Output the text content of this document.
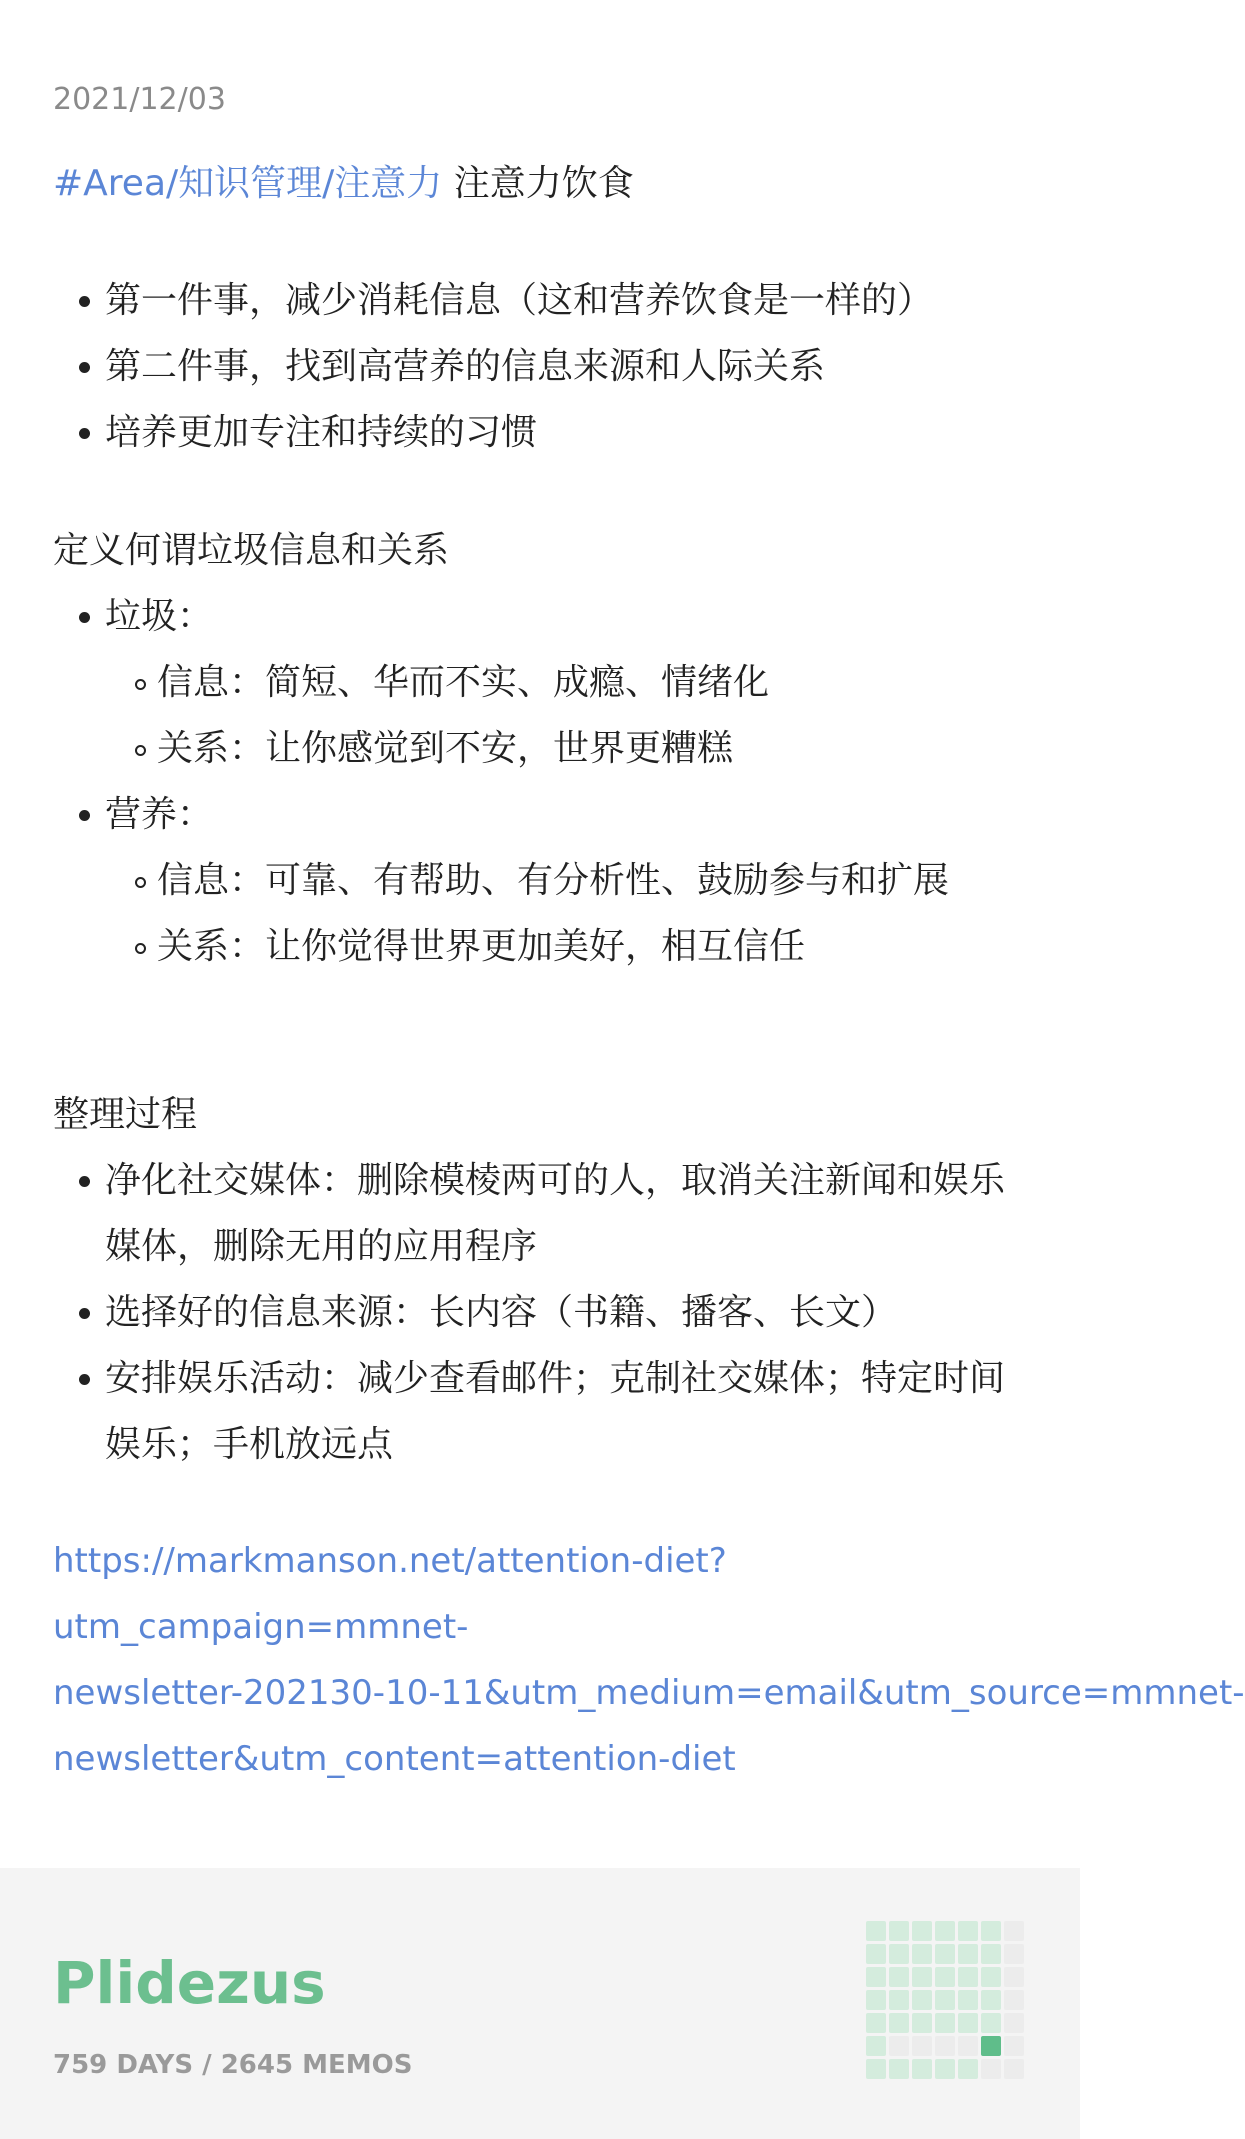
2021/12/03
#Area/知识管理/注意力 注意力饮食
第一件事，减少消耗信息（这和营养饮食是一样的）
第二件事，找到高营养的信息来源和人际关系
培养更加专注和持续的习惯
定义何谓垃圾信息和关系
垃圾：
信息：简短、华而不实、成瘾、情绪化
关系：让你感觉到不安，世界更糟糕
营养：
信息：可靠、有帮助、有分析性、鼓励参与和扩展
关系：让你觉得世界更加美好，相互信任
整理过程
净化社交媒体：删除模棱两可的人，取消关注新闻和娱乐
媒体，删除无用的应用程序
选择好的信息来源：长内容（书籍、播客、长文）
安排娱乐活动：减少查看邮件；克制社交媒体；特定时间
娱乐；手机放远点
https://markmanson.net/attention-diet?
utm_campaign=mmnet-
newsletter-202130-10-11&utm_medium=email&utm_source=mmnet-
newsletter&utm_content=attention-diet
Plidezus
759 DAYS / 2645 MEMOS
